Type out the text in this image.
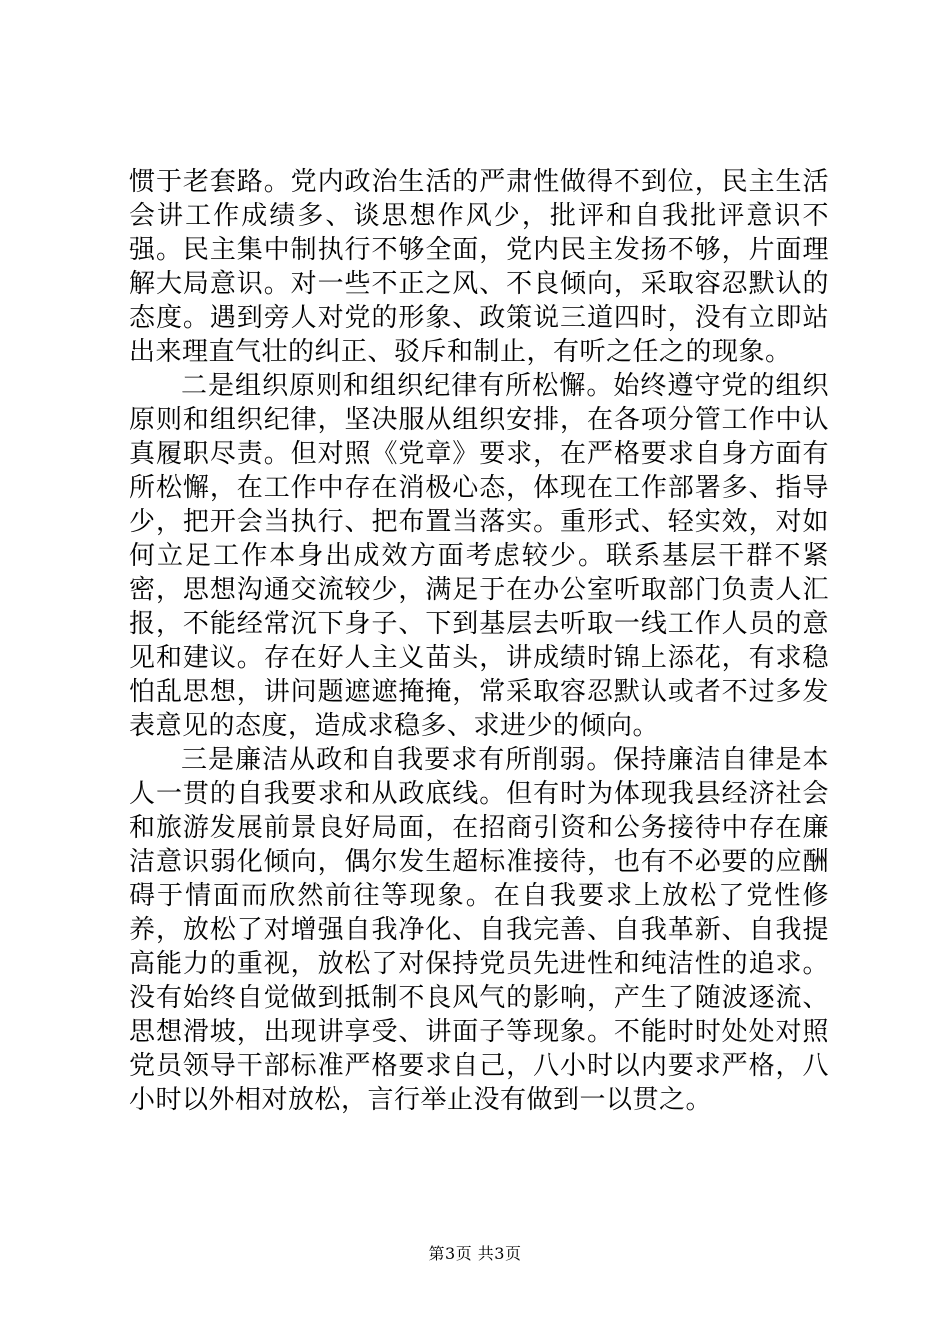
惯于老套路。党内政治生活的严肃性做得不到位，民主生活会讲工作成绩多、谈思想作风少，批评和自我批评意识不强。民主集中制执行不够全面，党内民主发扬不够，片面理解大局意识。对一些不正之风、不良倾向，采取容忍默认的态度。遇到旁人对党的形象、政策说三道四时，没有立即站出来理直气壮的纠正、驳斥和制止，有听之任之的现象。

二是组织原则和组织纪律有所松懈。始终遵守党的组织原则和组织纪律，坚决服从组织安排，在各项分管工作中认真履职尽责。但对照《党章》要求，在严格要求自身方面有所松懈，在工作中存在消极心态，体现在工作部署多、指导少，把开会当执行、把布置当落实。重形式、轻实效，对如何立足工作本身出成效方面考虑较少。联系基层干群不紧密，思想沟通交流较少，满足于在办公室听取部门负责人汇报，不能经常沉下身子、下到基层去听取一线工作人员的意见和建议。存在好人主义苗头，讲成绩时锦上添花，有求稳怕乱思想，讲问题遮遮掩掩，常采取容忍默认或者不过多发表意见的态度，造成求稳多、求进少的倾向。

三是廉洁从政和自我要求有所削弱。保持廉洁自律是本人一贯的自我要求和从政底线。但有时为体现我县经济社会和旅游发展前景良好局面，在招商引资和公务接待中存在廉洁意识弱化倾向，偶尔发生超标准接待，也有不必要的应酬碍于情面而欣然前往等现象。在自我要求上放松了党性修养，放松了对增强自我净化、自我完善、自我革新、自我提高能力的重视，放松了对保持党员先进性和纯洁性的追求。没有始终自觉做到抵制不良风气的影响，产生了随波逐流、思想滑坡，出现讲享受、讲面子等现象。不能时时处处对照党员领导干部标准严格要求自己，八小时以内要求严格，八小时以外相对放松，言行举止没有做到一以贯之。

第3页 共3页
